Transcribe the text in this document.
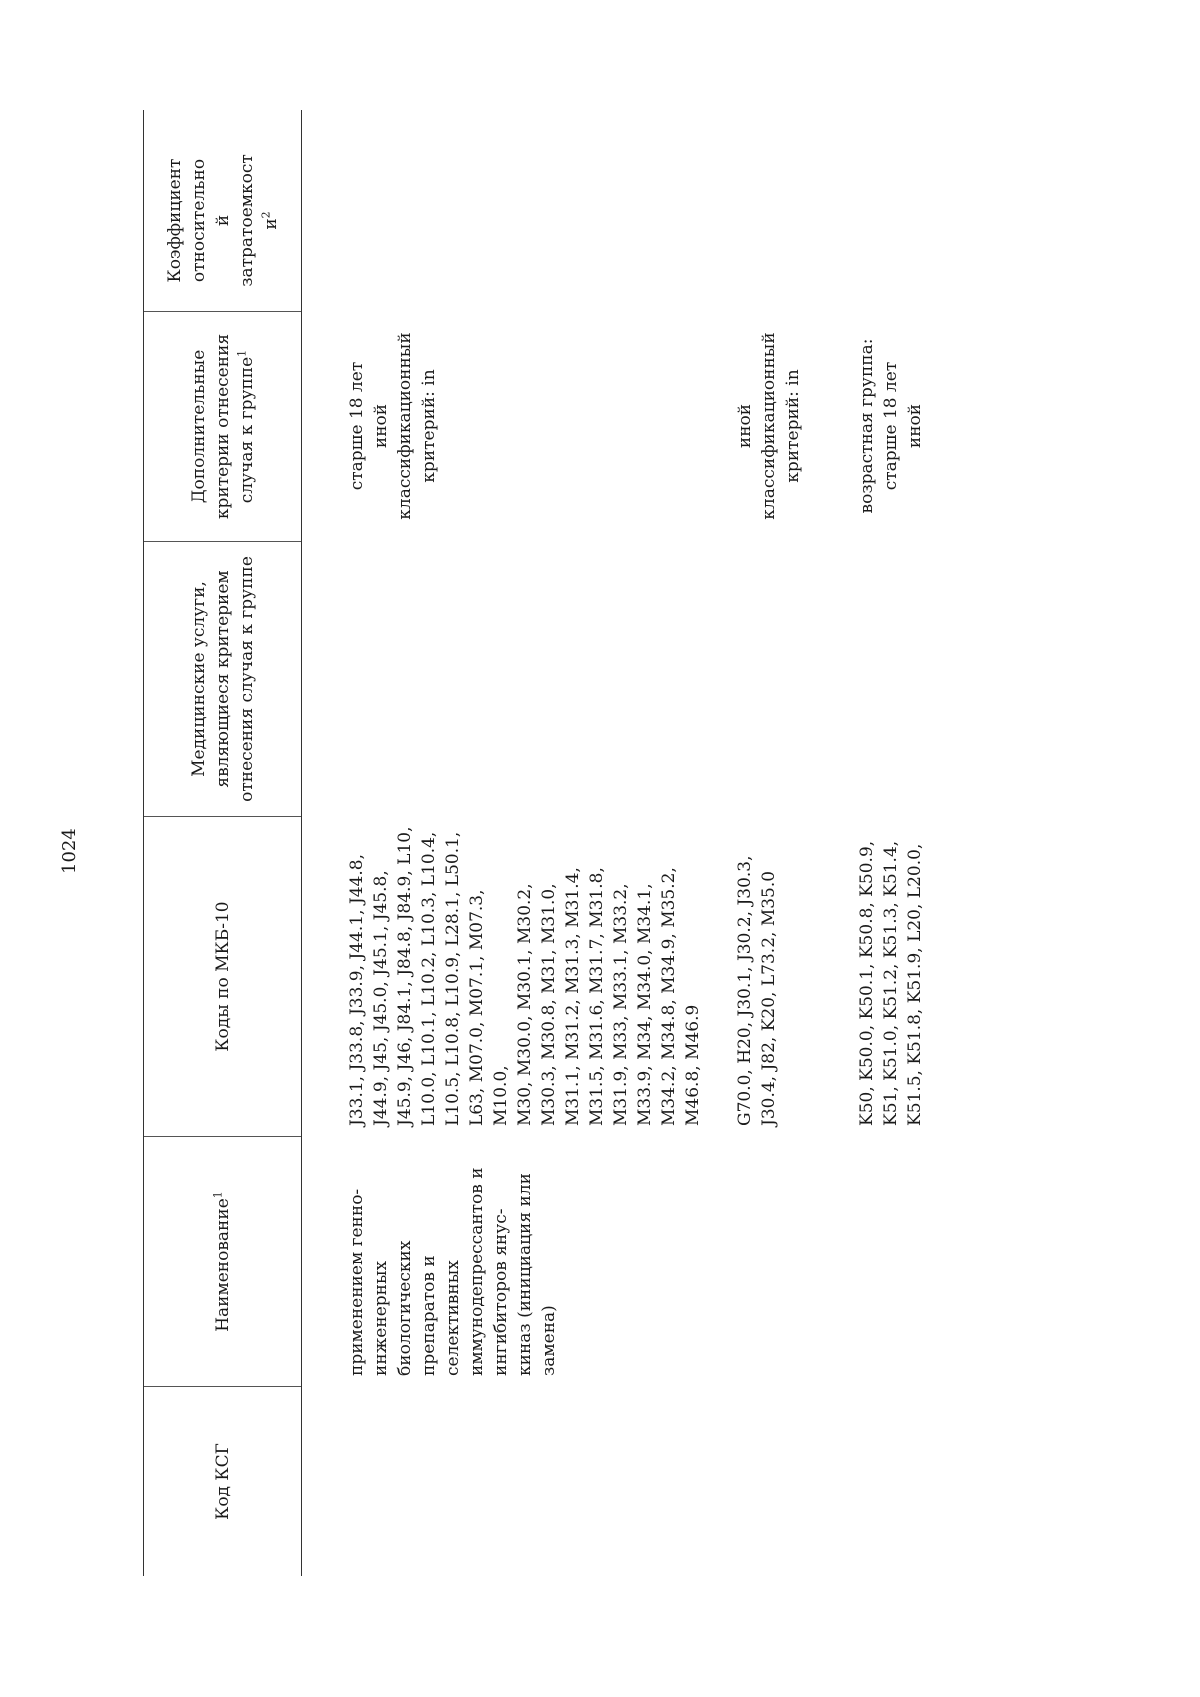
1024
Код КСГ
Наименование$^1$
Коды по МКБ-10
Медицинские услуги, являющиеся критерием отнесения случая к группе
Дополнительные критерии отнесения случая к группе$^1$
Коэффициент относительно
й
затратоемкост
$и^2$
применением генно-
инженерных
биологических
препаратов и
селективных
иммунодепрессантов и
ингибиторов янус-
киназ (инициация или
замена)
J33.1, J33.8, J33.9, J44.1, J44.8,
J44.9, J45, J45.0, J45.1, J45.8,
J45.9, J46, J84.1, J84.8, J84.9, L10,
L10.0, L10.1, L10.2, L10.3, L10.4,
L10.5, L10.8, L10.9, L28.1, L50.1,
L63, M07.0, M07.1, M07.3, M10.0,
M30, M30.0, M30.1, M30.2,
M30.3, M30.8, M31, M31.0,
M31.1, M31.2, M31.3, M31.4,
M31.5, M31.6, M31.7, M31.8,
M31.9, M33, M33.1, M33.2,
M33.9, M34, M34.0, M34.1,
M34.2, M34.8, M34.9, M35.2,
M46.8, M46.9
старше 18 лет
иной
классификационный
критерий: in
G70.0, H20, J30.1, J30.2, J30.3,
J30.4, J82, K20, L73.2, M35.0
иной
классификационный
критерий: in
K50, K50.0, K50.1, K50.8, K50.9,
K51, K51.0, K51.2, K51.3, K51.4,
K51.5, K51.8, K51.9, L20, L20.0,
возрастная группа:
старше 18 лет
иной
